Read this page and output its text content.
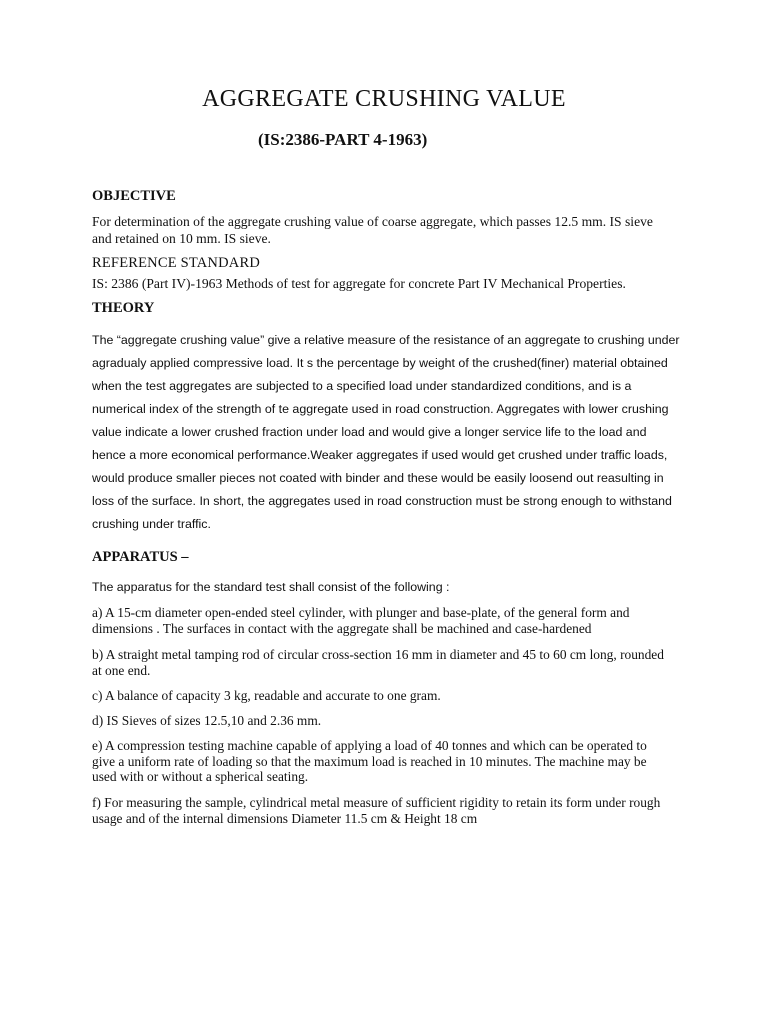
AGGREGATE CRUSHING VALUE
(IS:2386-PART 4-1963)
OBJECTIVE
For determination of the aggregate crushing value of coarse aggregate, which passes 12.5 mm. IS sieve and retained on 10 mm. IS sieve.
REFERENCE STANDARD
IS: 2386 (Part IV)-1963 Methods of test for aggregate for concrete Part IV Mechanical Properties.
THEORY
The “aggregate crushing value” give a relative measure of the resistance of an aggregate to crushing under agradualy applied compressive load. It s the percentage by weight of the crushed(finer) material obtained when the test aggregates are subjected to a specified load under standardized conditions, and is a numerical index of the strength of te aggregate used in road construction. Aggregates with lower crushing value indicate a lower crushed fraction under load and would give a longer service life to the load and hence a more economical performance.Weaker aggregates if used would get crushed under traffic loads, would produce smaller pieces not coated with binder and these would be easily loosend out reasulting in loss of the surface. In short, the aggregates used in road construction must be strong enough to withstand crushing under traffic.
APPARATUS –
The apparatus for the standard test shall consist of the following :
a) A 15-cm diameter open-ended steel cylinder, with plunger and base-plate, of the general form and dimensions . The surfaces in contact with the aggregate shall be machined and case-hardened
b) A straight metal tamping rod of circular cross-section 16 mm in diameter and 45 to 60 cm long, rounded at one end.
c) A balance of capacity 3 kg, readable and accurate to one gram.
d) IS Sieves of sizes 12.5,10 and 2.36 mm.
e) A compression testing machine capable of applying a load of 40 tonnes and which can be operated to give a uniform rate of loading so that the maximum load is reached in 10 minutes. The machine may be used with or without a spherical seating.
f) For measuring the sample, cylindrical metal measure of sufficient rigidity to retain its form under rough usage and of the internal dimensions Diameter 11.5 cm & Height 18 cm
